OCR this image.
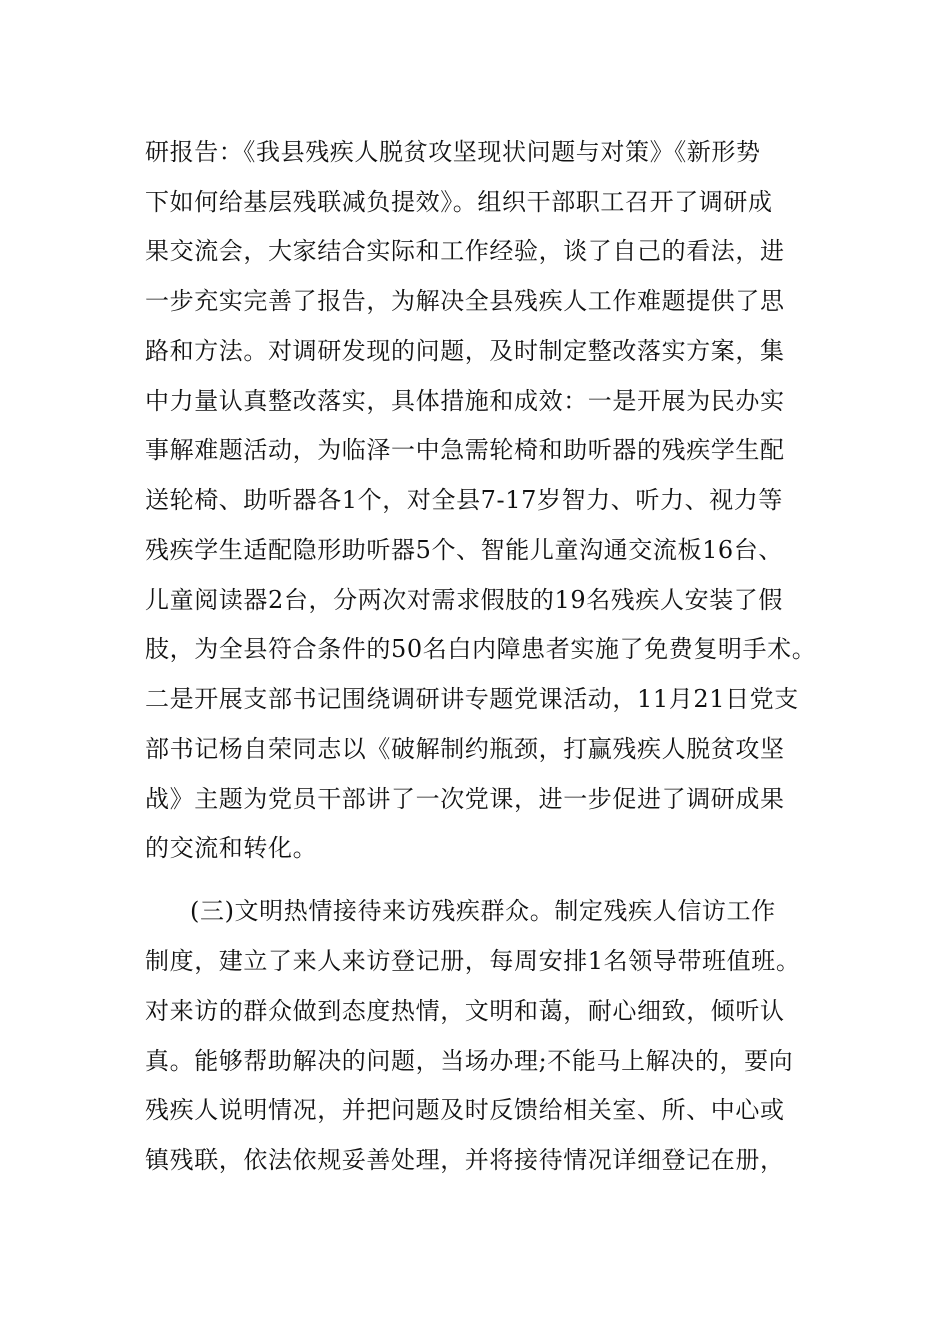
研报告：《我县残疾人脱贫攻坚现状问题与对策》《新形势
下如何给基层残联减负提效》。组织干部职工召开了调研成
果交流会，大家结合实际和工作经验，谈了自己的看法，进
一步充实完善了报告，为解决全县残疾人工作难题提供了思
路和方法。对调研发现的问题，及时制定整改落实方案，集
中力量认真整改落实，具体措施和成效：一是开展为民办实
事解难题活动，为临泽一中急需轮椅和助听器的残疾学生配
送轮椅、助听器各1个，对全县7-17岁智力、听力、视力等
残疾学生适配隐形助听器5个、智能儿童沟通交流板16台、
儿童阅读器2台，分两次对需求假肢的19名残疾人安装了假
肢，为全县符合条件的50名白内障患者实施了免费复明手术。
二是开展支部书记围绕调研讲专题党课活动，11月21日党支
部书记杨自荣同志以《破解制约瓶颈，打赢残疾人脱贫攻坚
战》主题为党员干部讲了一次党课，进一步促进了调研成果
的交流和转化。
(三)文明热情接待来访残疾群众。制定残疾人信访工作
制度，建立了来人来访登记册，每周安排1名领导带班值班。
对来访的群众做到态度热情，文明和蔼，耐心细致，倾听认
真。能够帮助解决的问题，当场办理;不能马上解决的，要向
残疾人说明情况，并把问题及时反馈给相关室、所、中心或
镇残联，依法依规妥善处理，并将接待情况详细登记在册，
